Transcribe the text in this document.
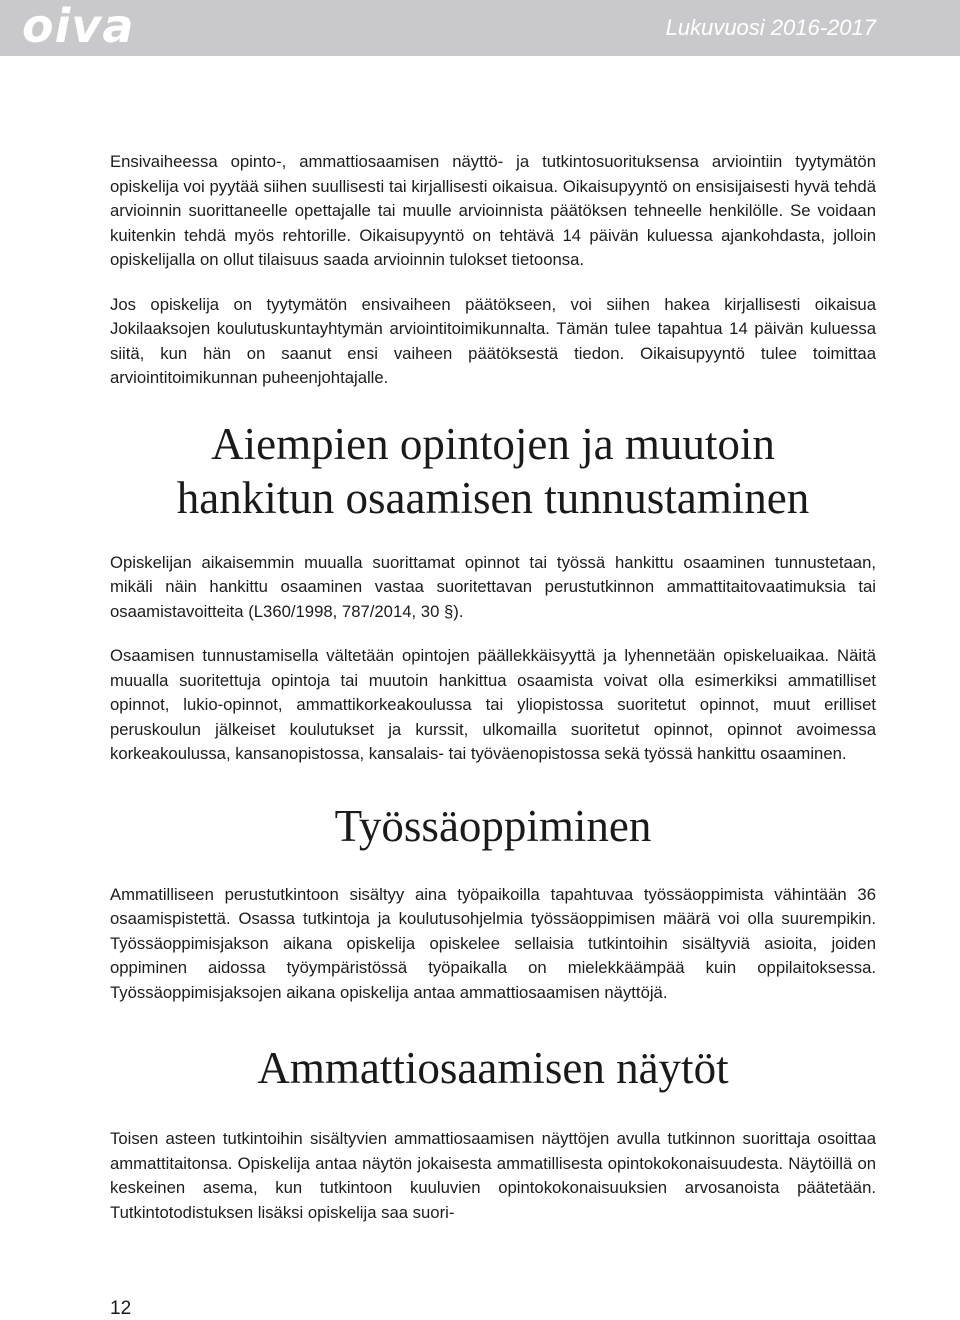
oiva	Lukuvuosi 2016-2017

Ensivaiheessa opinto-, ammattiosaamisen näyttö- ja tutkintosuorituksensa arviointiin tyytymätön opiskelija voi pyytää siihen suullisesti tai kirjallisesti oikaisua. Oikaisupyyntö on ensisijaisesti hyvä tehdä arvioinnin suorittaneelle opettajalle tai muulle arvioinnista päätöksen tehneelle henkilölle. Se voidaan kuitenkin tehdä myös rehtorille. Oikaisupyyntö on tehtävä 14 päivän kuluessa ajankohdasta, jolloin opiskelijalla on ollut tilaisuus saada arvioinnin tulokset tietoonsa.

Jos opiskelija on tyytymätön ensivaiheen päätökseen, voi siihen hakea kirjallisesti oikaisua Jokilaaksojen koulutuskuntayhtymän arviointitoimikunnalta. Tämän tulee tapahtua 14 päivän kuluessa siitä, kun hän on saanut ensi vaiheen päätöksestä tiedon. Oikaisupyyntö tulee toimittaa arviointitoimikunnan puheenjohtajalle.

Aiempien opintojen ja muutoin
hankitun osaamisen tunnustaminen

Opiskelijan aikaisemmin muualla suorittamat opinnot tai työssä hankittu osaaminen tunnustetaan, mikäli näin hankittu osaaminen vastaa suoritettavan perustutkinnon ammattitaitovaatimuksia tai osaamistavoitteita (L360/1998, 787/2014, 30 §).

Osaamisen tunnustamisella vältetään opintojen päällekkäisyyttä ja lyhennetään opiskeluaikaa. Näitä muualla suoritettuja opintoja tai muutoin hankittua osaamista voivat olla esimerkiksi ammatilliset opinnot, lukio-opinnot, ammattikorkeakoulussa tai yliopistossa suoritetut opinnot, muut erilliset peruskoulun jälkeiset koulutukset ja kurssit, ulkomailla suoritetut opinnot, opinnot avoimessa korkeakoulussa, kansanopistossa, kansalais- tai työväenopistossa sekä työssä hankittu osaaminen.

Työssäoppiminen

Ammatilliseen perustutkintoon sisältyy aina työpaikoilla tapahtuvaa työssäoppimista vähintään 36 osaamispistettä. Osassa tutkintoja ja koulutusohjelmia työssäoppimisen määrä voi olla suurempikin. Työssäoppimisjakson aikana opiskelija opiskelee sellaisia tutkintoihin sisältyviä asioita, joiden oppiminen aidossa työympäristössä työpaikalla on mielekkäämpää kuin oppilaitoksessa. Työssäoppimisjaksojen aikana opiskelija antaa ammattiosaamisen näyttöjä.

Ammattiosaamisen näytöt

Toisen asteen tutkintoihin sisältyvien ammattiosaamisen näyttöjen avulla tutkinnon suorittaja osoittaa ammattitaitonsa. Opiskelija antaa näytön jokaisesta ammatillisesta opintokokonaisuudesta. Näytöillä on keskeinen asema, kun tutkintoon kuuluvien opintokokonaisuuksien arvosanoista päätetään. Tutkintotodistuksen lisäksi opiskelija saa suori-

12
